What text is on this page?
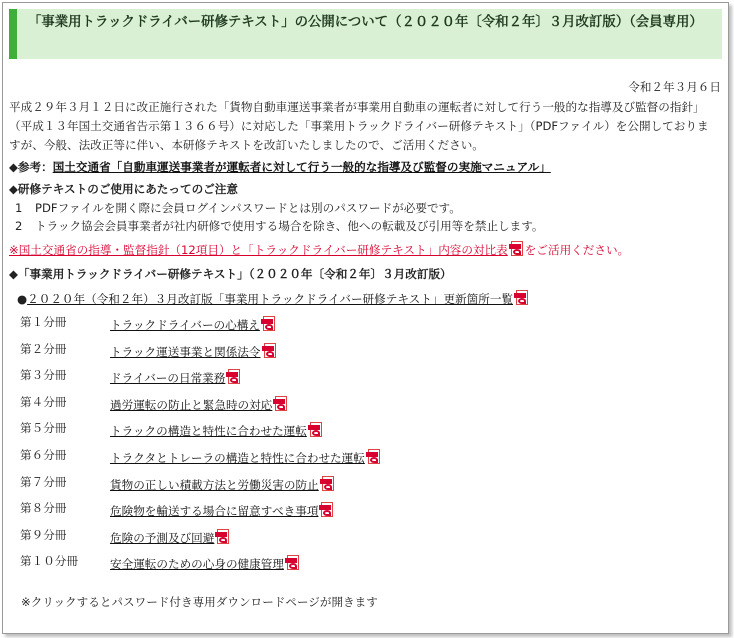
「事業用トラックドライバー研修テキスト」の公開について（２０２０年〔令和２年〕３月改訂版）（会員専用）
令和２年３月６日
平成２９年３月１２日に改正施行された「貨物自動車運送事業者が事業用自動車の運転者に対して行う一般的な指導及び監督の指針」（平成１３年国土交通省告示第１３６６号）に対応した「事業用トラックドライバー研修テキスト」（PDFファイル）を公開しておりますが、今般、法改正等に伴い、本研修テキストを改訂いたしましたので、ご活用ください。
◆参考：国土交通省「自動車運送事業者が運転者に対して行う一般的な指導及び監督の実施マニュアル」
◆研修テキストのご使用にあたってのご注意
1 PDFファイルを開く際に会員ログインパスワードとは別のパスワードが必要です。
2 トラック協会会員事業者が社内研修で使用する場合を除き、他への転載及び引用等を禁止します。
※国土交通省の指導・監督指針（12項目）と「トラックドライバー研修テキスト」内容の対比表 をご活用ください。
◆「事業用トラックドライバー研修テキスト」（２０２０年〔令和２年〕３月改訂版）
●２０２０年（令和２年）３月改訂版「事業用トラックドライバー研修テキスト」更新箇所一覧
第１分冊	トラックドライバーの心構え
第２分冊	トラック運送事業と関係法令
第３分冊	ドライバーの日常業務
第４分冊	過労運転の防止と緊急時の対応
第５分冊	トラックの構造と特性に合わせた運転
第６分冊	トラクタとトレーラの構造と特性に合わせた運転
第７分冊	貨物の正しい積載方法と労働災害の防止
第８分冊	危険物を輸送する場合に留意すべき事項
第９分冊	危険の予測及び回避
第１０分冊	安全運転のための心身の健康管理
※クリックするとパスワード付き専用ダウンロードページが開きます
